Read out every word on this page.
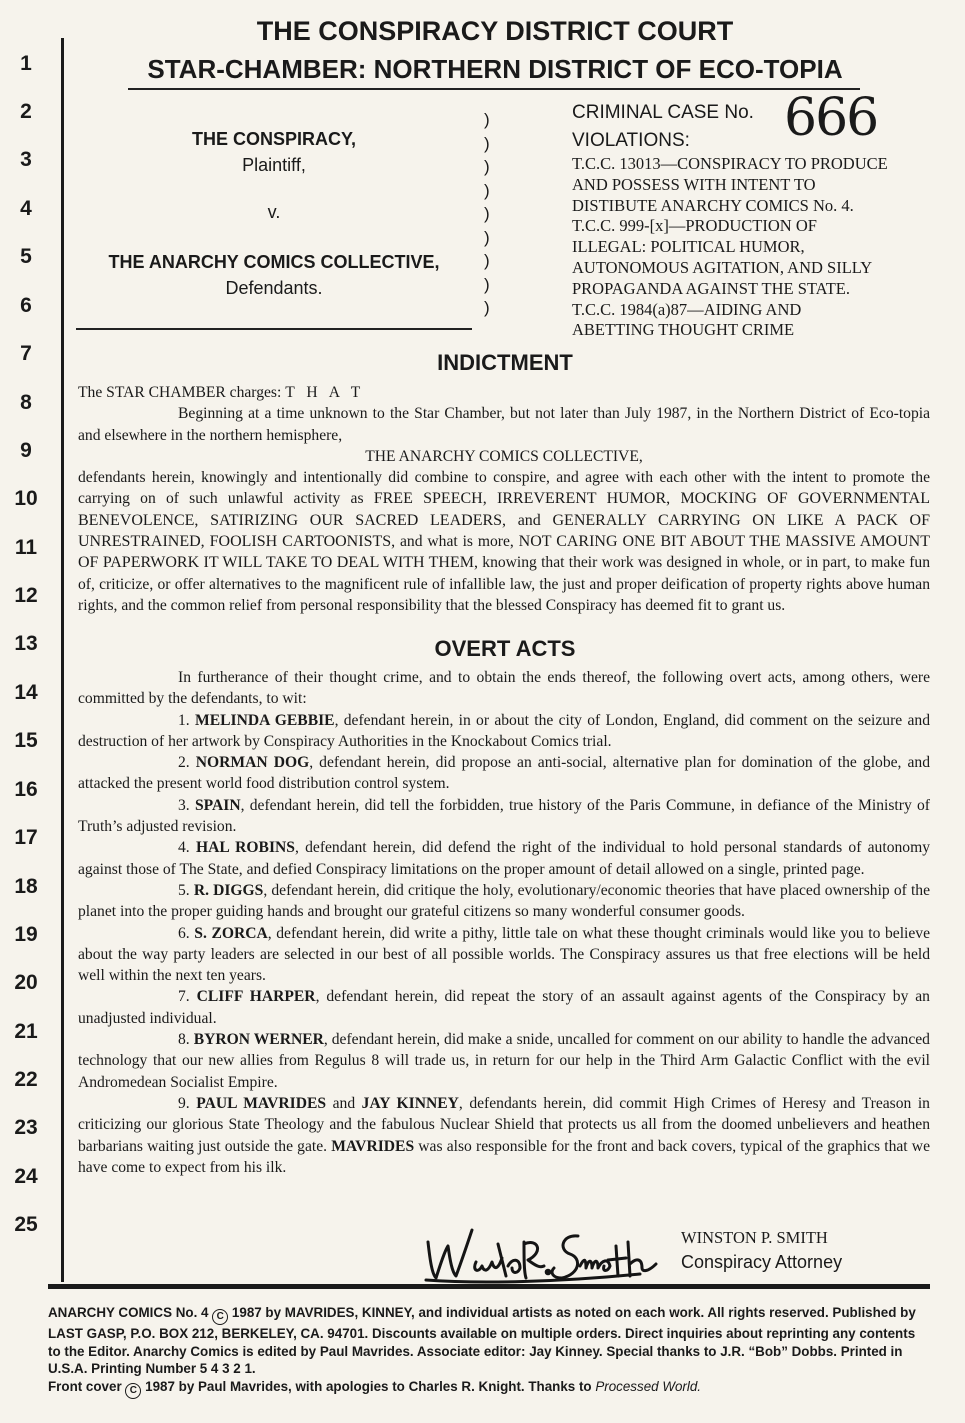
THE CONSPIRACY DISTRICT COURT
STAR-CHAMBER: NORTHERN DISTRICT OF ECO-TOPIA
1
2
3
4
5
6
7
8
9
10
11
12
13
14
15
16
17
18
19
20
21
22
23
24
25
THE CONSPIRACY,
Plaintiff,
v.
THE ANARCHY COMICS COLLECTIVE,
Defendants.
)
)
)
)
)
)
)
)
)
CRIMINAL CASE No. 666
VIOLATIONS:
T.C.C. 13013—CONSPIRACY TO PRODUCE
AND POSSESS WITH INTENT TO
DISTIBUTE ANARCHY COMICS No. 4.
T.C.C. 999-[x]—PRODUCTION OF
ILLEGAL: POLITICAL HUMOR,
AUTONOMOUS AGITATION, AND SILLY
PROPAGANDA AGAINST THE STATE.
T.C.C. 1984(a)87—AIDING AND
ABETTING THOUGHT CRIME
INDICTMENT

The STAR CHAMBER charges: T H A T

Beginning at a time unknown to the Star Chamber, but not later than July 1987, in the Northern District of Eco-topia and elsewhere in the northern hemisphere,

THE ANARCHY COMICS COLLECTIVE,

defendants herein, knowingly and intentionally did combine to conspire, and agree with each other with the intent to promote the carrying on of such unlawful activity as FREE SPEECH, IRREVERENT HUMOR, MOCKING OF GOVERNMENTAL BENEVOLENCE, SATIRIZING OUR SACRED LEADERS, and GENERALLY CARRYING ON LIKE A PACK OF UNRESTRAINED, FOOLISH CARTOONISTS, and what is more, NOT CARING ONE BIT ABOUT THE MASSIVE AMOUNT OF PAPERWORK IT WILL TAKE TO DEAL WITH THEM, knowing that their work was designed in whole, or in part, to make fun of, criticize, or offer alternatives to the magnificent rule of infallible law, the just and proper deification of property rights above human rights, and the common relief from personal responsibility that the blessed Conspiracy has deemed fit to grant us.

OVERT ACTS

In furtherance of their thought crime, and to obtain the ends thereof, the following overt acts, among others, were committed by the defendants, to wit:

1. MELINDA GEBBIE, defendant herein, in or about the city of London, England, did comment on the seizure and destruction of her artwork by Conspiracy Authorities in the Knockabout Comics trial.

2. NORMAN DOG, defendant herein, did propose an anti-social, alternative plan for domination of the globe, and attacked the present world food distribution control system.

3. SPAIN, defendant herein, did tell the forbidden, true history of the Paris Commune, in defiance of the Ministry of Truth’s adjusted revision.

4. HAL ROBINS, defendant herein, did defend the right of the individual to hold personal standards of autonomy against those of The State, and defied Conspiracy limitations on the proper amount of detail allowed on a single, printed page.

5. R. DIGGS, defendant herein, did critique the holy, evolutionary/economic theories that have placed ownership of the planet into the proper guiding hands and brought our grateful citizens so many wonderful consumer goods.

6. S. ZORCA, defendant herein, did write a pithy, little tale on what these thought criminals would like you to believe about the way party leaders are selected in our best of all possible worlds. The Conspiracy assures us that free elections will be held well within the next ten years.

7. CLIFF HARPER, defendant herein, did repeat the story of an assault against agents of the Conspiracy by an unadjusted individual.

8. BYRON WERNER, defendant herein, did make a snide, uncalled for comment on our ability to handle the advanced technology that our new allies from Regulus 8 will trade us, in return for our help in the Third Arm Galactic Conflict with the evil Andromedean Socialist Empire.

9. PAUL MAVRIDES and JAY KINNEY, defendants herein, did commit High Crimes of Heresy and Treason in criticizing our glorious State Theology and the fabulous Nuclear Shield that protects us all from the doomed unbelievers and heathen barbarians waiting just outside the gate. MAVRIDES was also responsible for the front and back covers, typical of the graphics that we have come to expect from his ilk.

WINSTON P. SMITH
Conspiracy Attorney

ANARCHY COMICS No. 4 C 1987 by MAVRIDES, KINNEY, and individual artists as noted on each work. All rights reserved. Published by LAST GASP, P.O. BOX 212, BERKELEY, CA. 94701. Discounts available on multiple orders. Direct inquiries about reprinting any contents to the Editor. Anarchy Comics is edited by Paul Mavrides. Associate editor: Jay Kinney. Special thanks to J.R. “Bob” Dobbs. Printed in U.S.A. Printing Number 5 4 3 2 1.

Front cover C 1987 by Paul Mavrides, with apologies to Charles R. Knight. Thanks to Processed World.
